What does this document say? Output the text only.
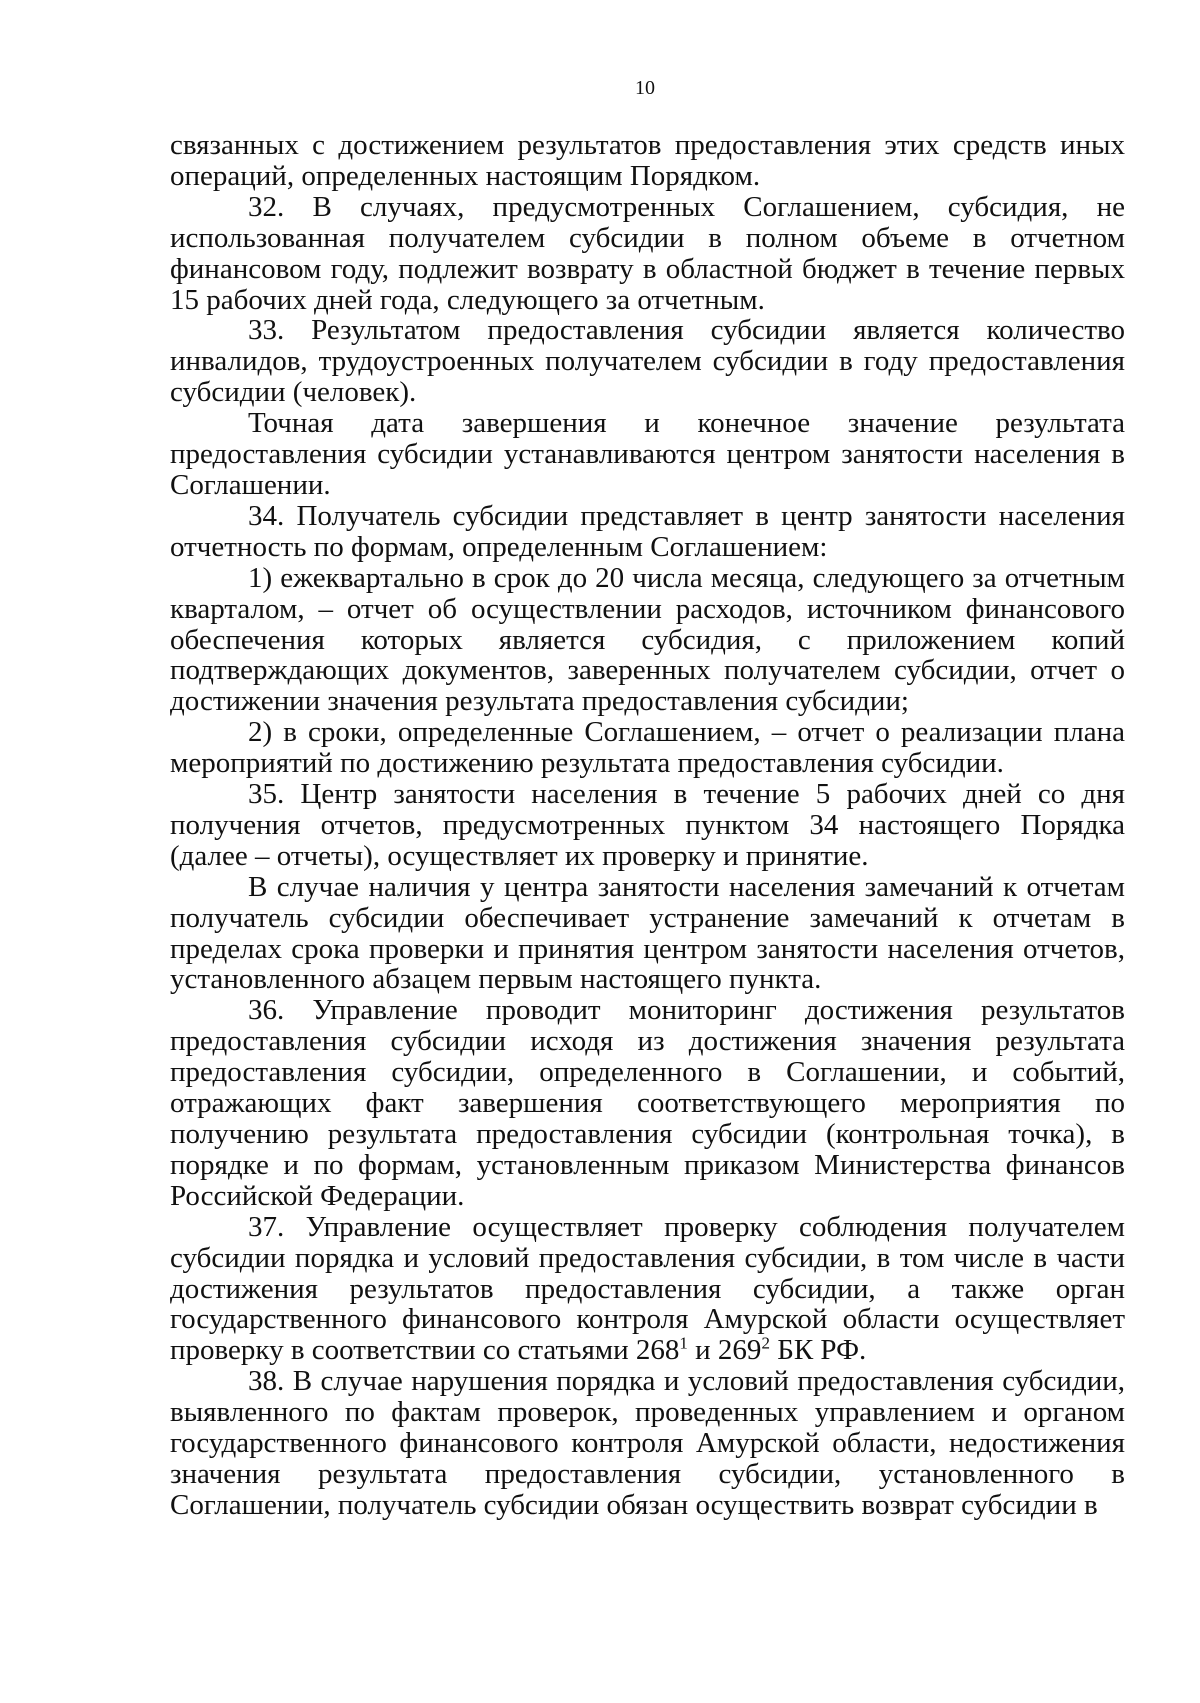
10

связанных с достижением результатов предоставления этих средств иных операций, определенных настоящим Порядком.

32. В случаях, предусмотренных Соглашением, субсидия, не использованная получателем субсидии в полном объеме в отчетном финансовом году, подлежит возврату в областной бюджет в течение первых 15 рабочих дней года, следующего за отчетным.

33. Результатом предоставления субсидии является количество инвалидов, трудоустроенных получателем субсидии в году предоставления субсидии (человек).

Точная дата завершения и конечное значение результата предоставления субсидии устанавливаются центром занятости населения в Соглашении.

34. Получатель субсидии представляет в центр занятости населения отчетность по формам, определенным Соглашением:

1) ежеквартально в срок до 20 числа месяца, следующего за отчетным кварталом, – отчет об осуществлении расходов, источником финансового обеспечения которых является субсидия, с приложением копий подтверждающих документов, заверенных получателем субсидии, отчет о достижении значения результата предоставления субсидии;

2) в сроки, определенные Соглашением, – отчет о реализации плана мероприятий по достижению результата предоставления субсидии.

35. Центр занятости населения в течение 5 рабочих дней со дня получения отчетов, предусмотренных пунктом 34 настоящего Порядка (далее – отчеты), осуществляет их проверку и принятие.

В случае наличия у центра занятости населения замечаний к отчетам получатель субсидии обеспечивает устранение замечаний к отчетам в пределах срока проверки и принятия центром занятости населения отчетов, установленного абзацем первым настоящего пункта.

36. Управление проводит мониторинг достижения результатов предоставления субсидии исходя из достижения значения результата предоставления субсидии, определенного в Соглашении, и событий, отражающих факт завершения соответствующего мероприятия по получению результата предоставления субсидии (контрольная точка), в порядке и по формам, установленным приказом Министерства финансов Российской Федерации.

37. Управление осуществляет проверку соблюдения получателем субсидии порядка и условий предоставления субсидии, в том числе в части достижения результатов предоставления субсидии, а также орган государственного финансового контроля Амурской области осуществляет проверку в соответствии со статьями $268^1$ и $269^2$ БК РФ.

38. В случае нарушения порядка и условий предоставления субсидии, выявленного по фактам проверок, проведенных управлением и органом государственного финансового контроля Амурской области, недостижения значения результата предоставления субсидии, установленного в Соглашении, получатель субсидии обязан осуществить возврат субсидии в
